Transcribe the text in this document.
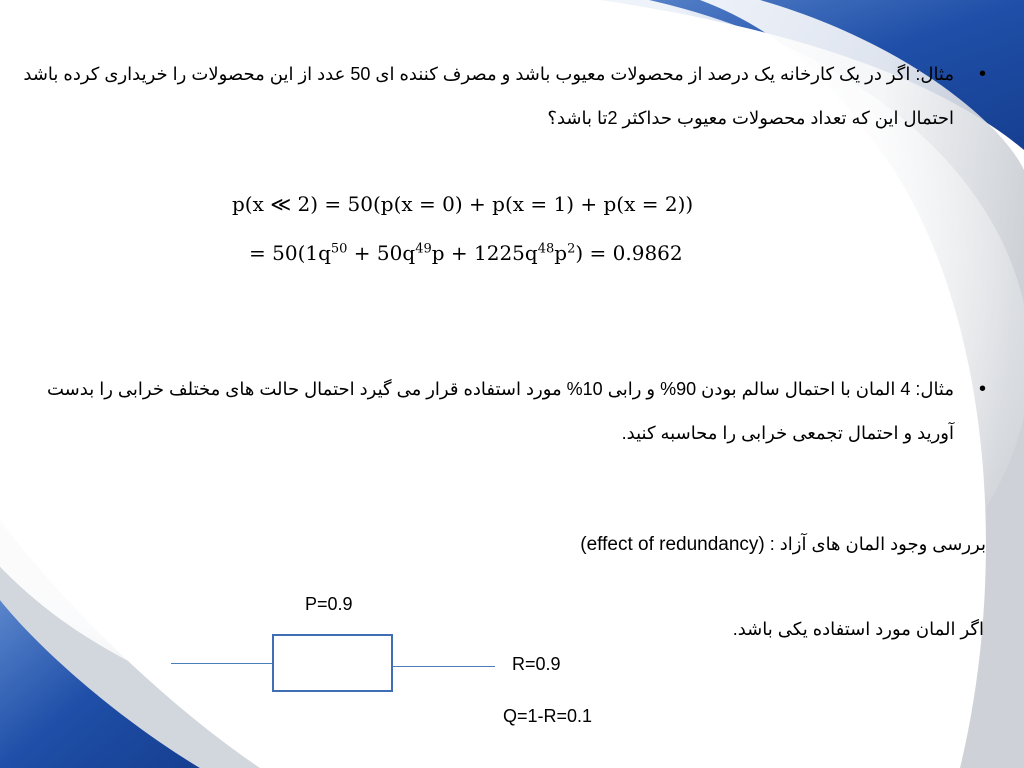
•
مثال: اگر در یک کارخانه یک درصد از محصولات معیوب باشد و مصرف کننده ای 50 عدد از این محصولات را خریداری کرده باشد احتمال این که تعداد محصولات معیوب حداکثر 2تا باشد؟
p(x ≪ 2) = 50(p(x = 0) + p(x = 1) + p(x = 2))
= $50(1q^{50} + 50q^{49}p + 1225q^{48}p^2) = 0.9862$
•
مثال: 4 المان با احتمال سالم بودن 90% و رابی 10% مورد استفاده قرار می گیرد احتمال حالت های مختلف خرابی را بدست آورید و احتمال تجمعی خرابی را محاسبه کنید.
بررسی وجود المان های آزاد : (effect of redundancy)
اگر المان مورد استفاده یکی باشد.
P=0.9
R=0.9
Q=1-R=0.1
